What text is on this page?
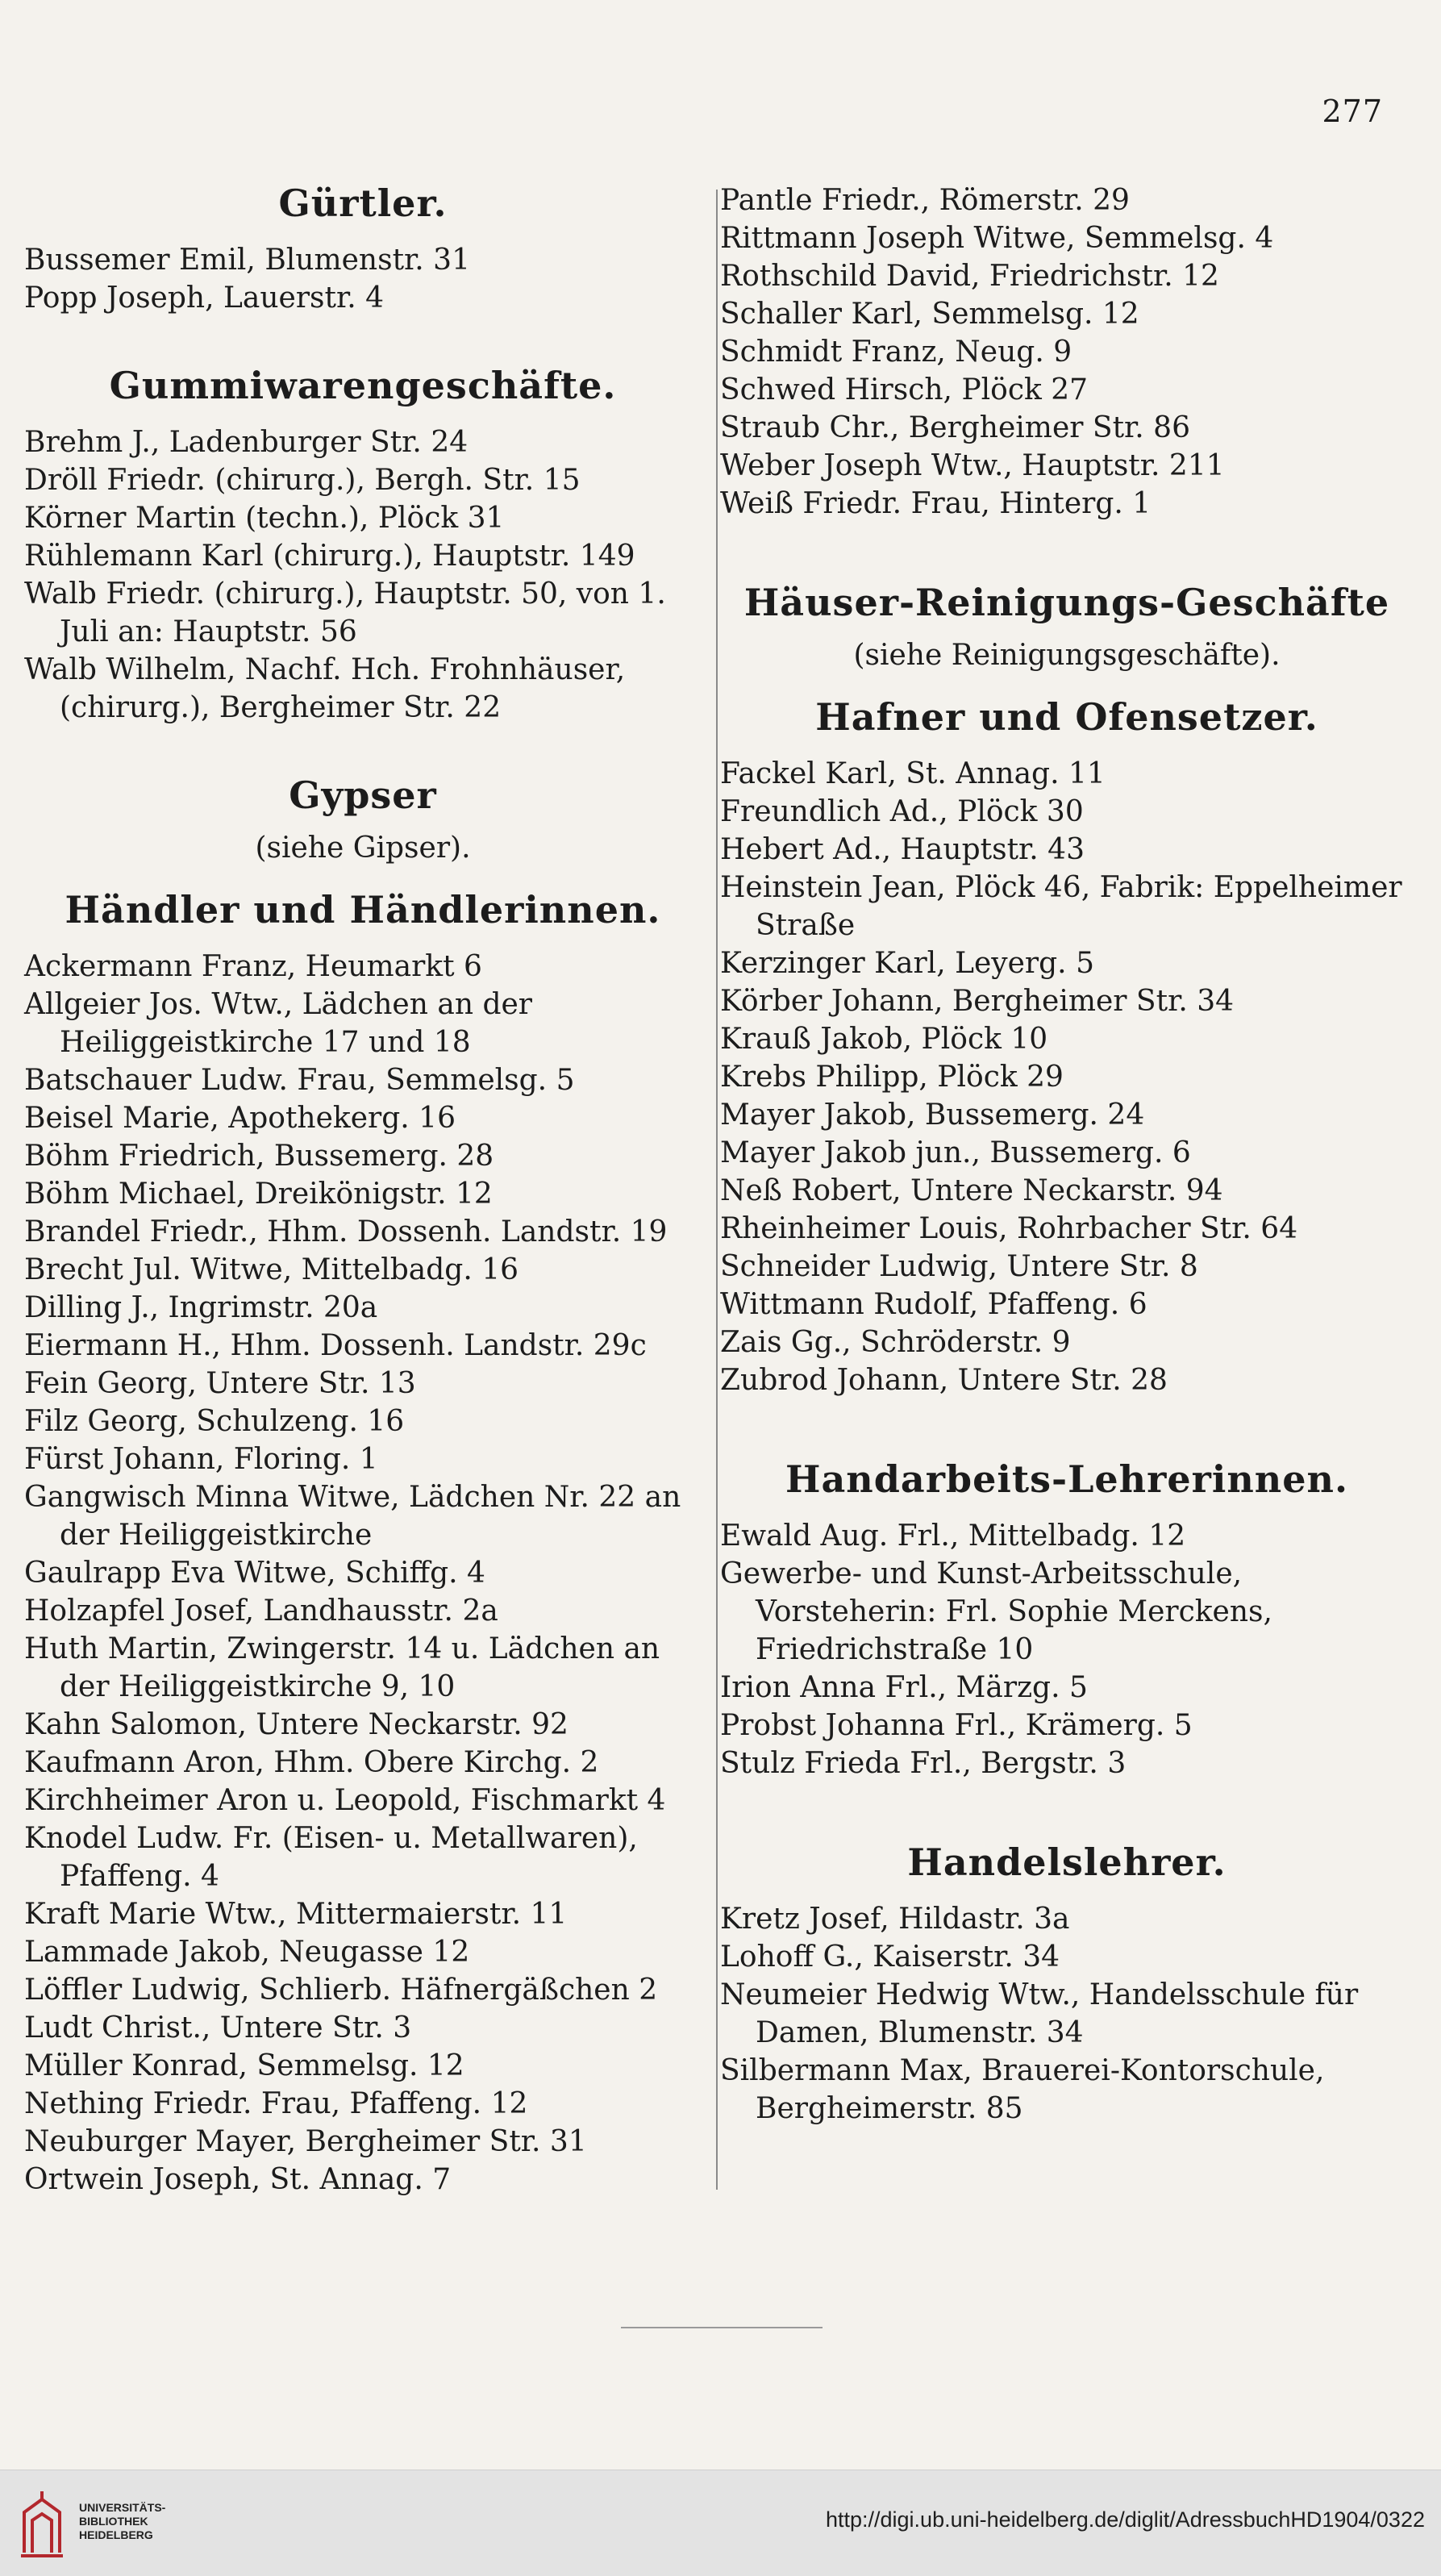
277
Gürtler.
Bussemer Emil, Blumenstr. 31
Popp Joseph, Lauerstr. 4
Gummiwarengeschäfte.
Brehm J., Ladenburger Str. 24
Dröll Friedr. (chirurg.), Bergh. Str. 15
Körner Martin (techn.), Plöck 31
Rühlemann Karl (chirurg.), Hauptstr. 149
Walb Friedr. (chirurg.), Hauptstr. 50, von 1. Juli an: Hauptstr. 56
Walb Wilhelm, Nachf. Hch. Frohnhäuser, (chirurg.), Bergheimer Str. 22
Gypser
(siehe Gipser).
Händler und Händlerinnen.
Ackermann Franz, Heumarkt 6
Allgeier Jos. Wtw., Lädchen an der Heiliggeistkirche 17 und 18
Batschauer Ludw. Frau, Semmelsg. 5
Beisel Marie, Apothekerg. 16
Böhm Friedrich, Bussemerg. 28
Böhm Michael, Dreikönigstr. 12
Brandel Friedr., Hhm. Dossenh. Landstr. 19
Brecht Jul. Witwe, Mittelbadg. 16
Dilling J., Ingrimstr. 20a
Eiermann H., Hhm. Dossenh. Landstr. 29c
Fein Georg, Untere Str. 13
Filz Georg, Schulzeng. 16
Fürst Johann, Floring. 1
Gangwisch Minna Witwe, Lädchen Nr. 22 an der Heiliggeistkirche
Gaulrapp Eva Witwe, Schiffg. 4
Holzapfel Josef, Landhausstr. 2a
Huth Martin, Zwingerstr. 14 u. Lädchen an der Heiliggeistkirche 9, 10
Kahn Salomon, Untere Neckarstr. 92
Kaufmann Aron, Hhm. Obere Kirchg. 2
Kirchheimer Aron u. Leopold, Fischmarkt 4
Knodel Ludw. Fr. (Eisen- u. Metallwaren), Pfaffeng. 4
Kraft Marie Wtw., Mittermaierstr. 11
Lammade Jakob, Neugasse 12
Löffler Ludwig, Schlierb. Häfnergäßchen 2
Ludt Christ., Untere Str. 3
Müller Konrad, Semmelsg. 12
Nething Friedr. Frau, Pfaffeng. 12
Neuburger Mayer, Bergheimer Str. 31
Ortwein Joseph, St. Annag. 7
Pantle Friedr., Römerstr. 29
Rittmann Joseph Witwe, Semmelsg. 4
Rothschild David, Friedrichstr. 12
Schaller Karl, Semmelsg. 12
Schmidt Franz, Neug. 9
Schwed Hirsch, Plöck 27
Straub Chr., Bergheimer Str. 86
Weber Joseph Wtw., Hauptstr. 211
Weiß Friedr. Frau, Hinterg. 1
Häuser-Reinigungs-Geschäfte
(siehe Reinigungsgeschäfte).
Hafner und Ofensetzer.
Fackel Karl, St. Annag. 11
Freundlich Ad., Plöck 30
Hebert Ad., Hauptstr. 43
Heinstein Jean, Plöck 46, Fabrik: Eppelheimer Straße
Kerzinger Karl, Leyerg. 5
Körber Johann, Bergheimer Str. 34
Krauß Jakob, Plöck 10
Krebs Philipp, Plöck 29
Mayer Jakob, Bussemerg. 24
Mayer Jakob jun., Bussemerg. 6
Neß Robert, Untere Neckarstr. 94
Rheinheimer Louis, Rohrbacher Str. 64
Schneider Ludwig, Untere Str. 8
Wittmann Rudolf, Pfaffeng. 6
Zais Gg., Schröderstr. 9
Zubrod Johann, Untere Str. 28
Handarbeits-Lehrerinnen.
Ewald Aug. Frl., Mittelbadg. 12
Gewerbe- und Kunst-Arbeitsschule, Vorsteherin: Frl. Sophie Merckens, Friedrichstraße 10
Irion Anna Frl., Märzg. 5
Probst Johanna Frl., Krämerg. 5
Stulz Frieda Frl., Bergstr. 3
Handelslehrer.
Kretz Josef, Hildastr. 3a
Lohoff G., Kaiserstr. 34
Neumeier Hedwig Wtw., Handelsschule für Damen, Blumenstr. 34
Silbermann Max, Brauerei-Kontorschule, Bergheimerstr. 85
UNIVERSITÄTS-
BIBLIOTHEK
HEIDELBERG
http://digi.ub.uni-heidelberg.de/diglit/AdressbuchHD1904/0322
